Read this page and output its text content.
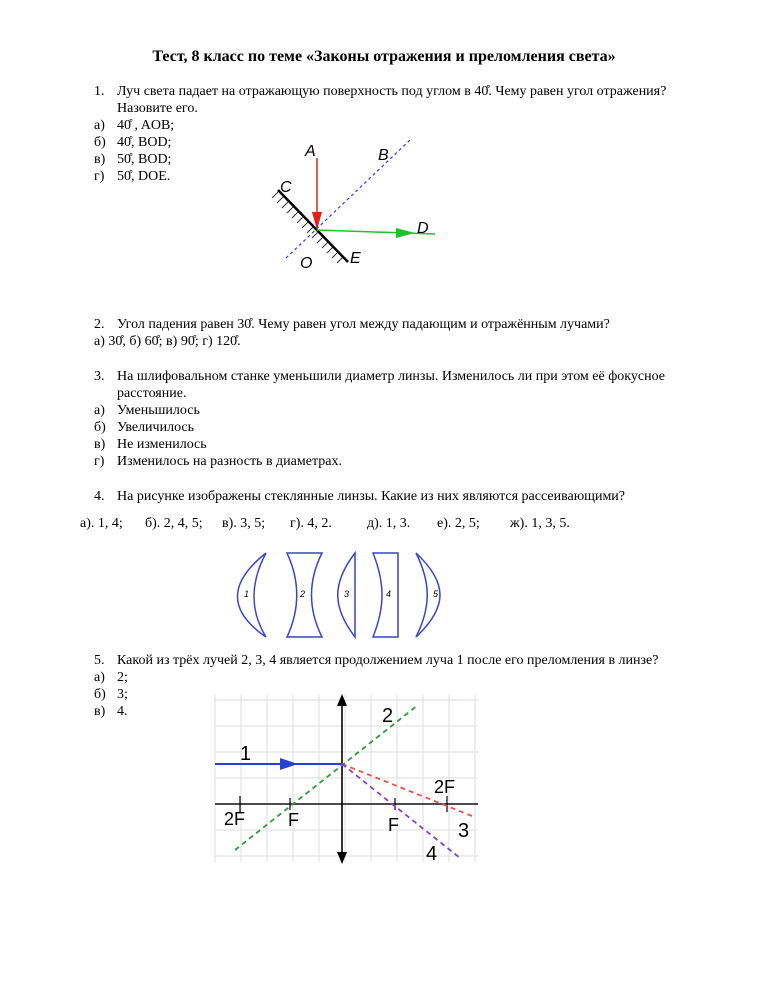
Тест, 8 класс по теме «Законы отражения и преломления света»
1. Луч света падает на отражающую поверхность под углом в 40̊. Чему равен угол отражения?
Назовите его.
а) 40̊ , AOB;
б) 40̊, BOD;
в) 50̊, BOD;
г) 50̊, DOE.
A	B
C
D
O E
2. Угол падения равен 30̊. Чему равен угол между падающим и отражённым лучами?
а) 30̊, б) 60̊; в) 90̊; г) 120̊.
3. На шлифовальном станке уменьшили диаметр линзы. Изменилось ли при этом её фокусное
расстояние.
а) Уменьшилось
б) Увеличилось
в) Не изменилось
г) Изменилось на разность в диаметрах.
4. На рисунке изображены стеклянные линзы. Какие из них являются рассеивающими?
а). 1, 4; б). 2, 4, 5; в). 3, 5; г). 4, 2.	д). 1, 3. е). 2, 5; ж). 1, 3, 5.
1	2	3	4	5
5. Какой из трёх лучей 2, 3, 4 является продолжением луча 1 после его преломления в линзе?
а) 2;
б) 3;
в) 4.
1
2
3
4
2F F	F
2F
